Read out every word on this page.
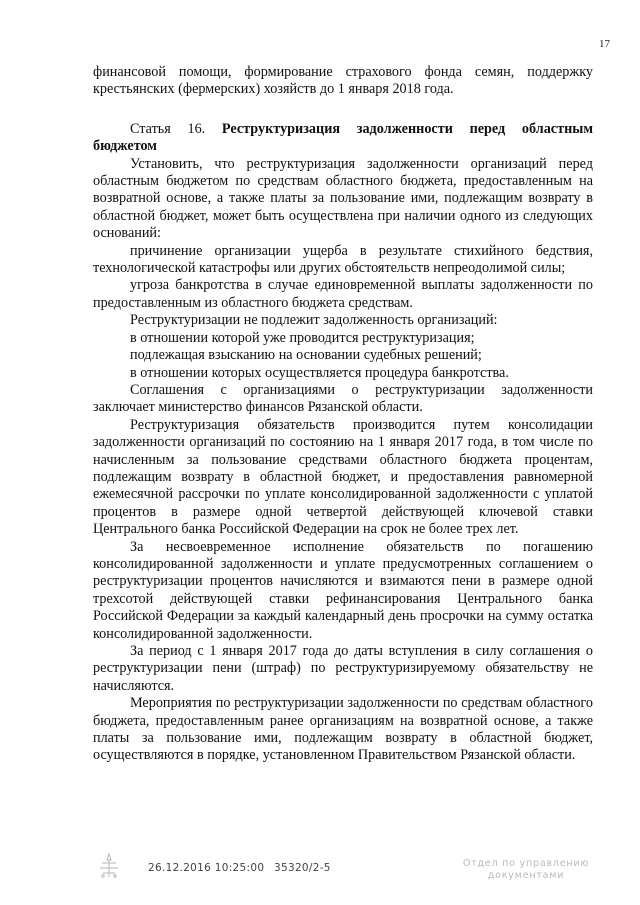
17

финансовой помощи, формирование страхового фонда семян, поддержку крестьянских (фермерских) хозяйств до 1 января 2018 года.

Статья 16. Реструктуризация задолженности перед областным бюджетом

Установить, что реструктуризация задолженности организаций перед областным бюджетом по средствам областного бюджета, предоставленным на возвратной основе, а также платы за пользование ими, подлежащим возврату в областной бюджет, может быть осуществлена при наличии одного из следующих оснований:

причинение организации ущерба в результате стихийного бедствия, технологической катастрофы или других обстоятельств непреодолимой силы;

угроза банкротства в случае единовременной выплаты задолженности по предоставленным из областного бюджета средствам.

Реструктуризации не подлежит задолженность организаций:

в отношении которой уже проводится реструктуризация;

подлежащая взысканию на основании судебных решений;

в отношении которых осуществляется процедура банкротства.

Соглашения с организациями о реструктуризации задолженности заключает министерство финансов Рязанской области.

Реструктуризация обязательств производится путем консолидации задолженности организаций по состоянию на 1 января 2017 года, в том числе по начисленным за пользование средствами областного бюджета процентам, подлежащим возврату в областной бюджет, и предоставления равномерной ежемесячной рассрочки по уплате консолидированной задолженности с уплатой процентов в размере одной четвертой действующей ключевой ставки Центрального банка Российской Федерации на срок не более трех лет.

За несвоевременное исполнение обязательств по погашению консолидированной задолженности и уплате предусмотренных соглашением о реструктуризации процентов начисляются и взимаются пени в размере одной трехсотой действующей ставки рефинансирования Центрального банка Российской Федерации за каждый календарный день просрочки на сумму остатка консолидированной задолженности.

За период с 1 января 2017 года до даты вступления в силу соглашения о реструктуризации пени (штраф) по реструктуризируемому обязательству не начисляются.

Мероприятия по реструктуризации задолженности по средствам областного бюджета, предоставленным ранее организациям на возвратной основе, а также платы за пользование ими, подлежащим возврату в областной бюджет, осуществляются в порядке, установленном Правительством Рязанской области.

26.12.2016 10:25:00 35320/2-5	Отдел по управлению
документами
